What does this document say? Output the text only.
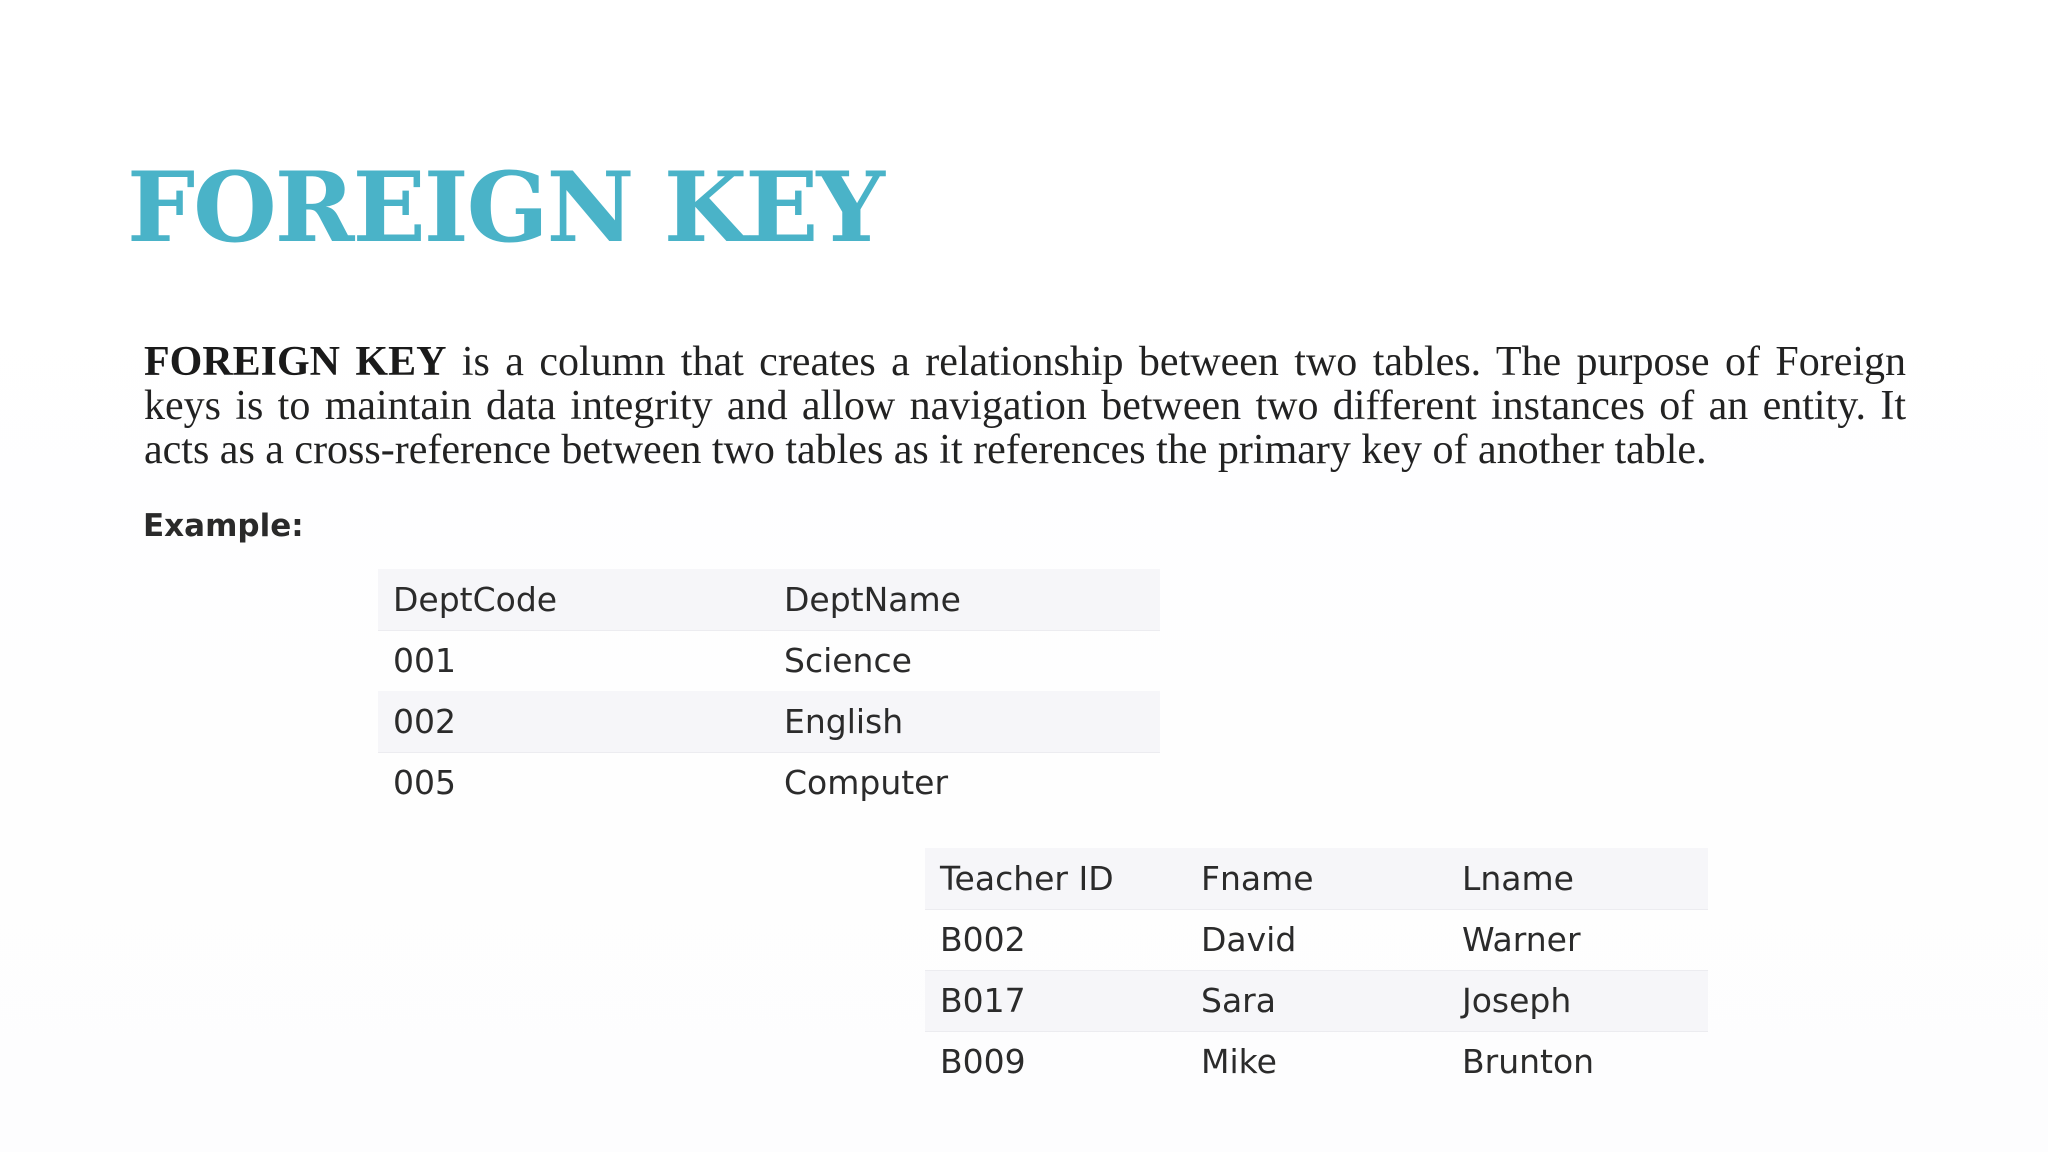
FOREIGN KEY

FOREIGN KEY is a column that creates a relationship between two tables. The purpose of Foreign keys is to maintain data integrity and allow navigation between two different instances of an entity. It acts as a cross-reference between two tables as it references the primary key of another table.

Example:
DeptCode	DeptName
001	Science
002	English
005	Computer
Teacher ID	Fname	Lname
B002	David	Warner
B017	Sara	Joseph
B009	Mike	Brunton
